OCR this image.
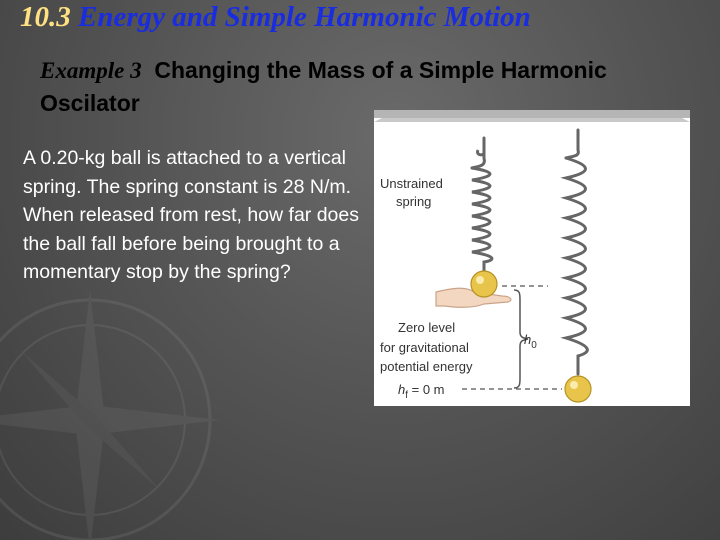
10.3 Energy and Simple Harmonic Motion

Example 3 Changing the Mass of a Simple Harmonic Oscilator

A 0.20-kg ball is attached to a vertical spring. The spring constant is 28 N/m. When released from rest, how far does the ball fall before being brought to a momentary stop by the spring?

Unstrained
spring
Zero level
for gravitational
potential energy
$h_0$
$h_f = 0$ m
